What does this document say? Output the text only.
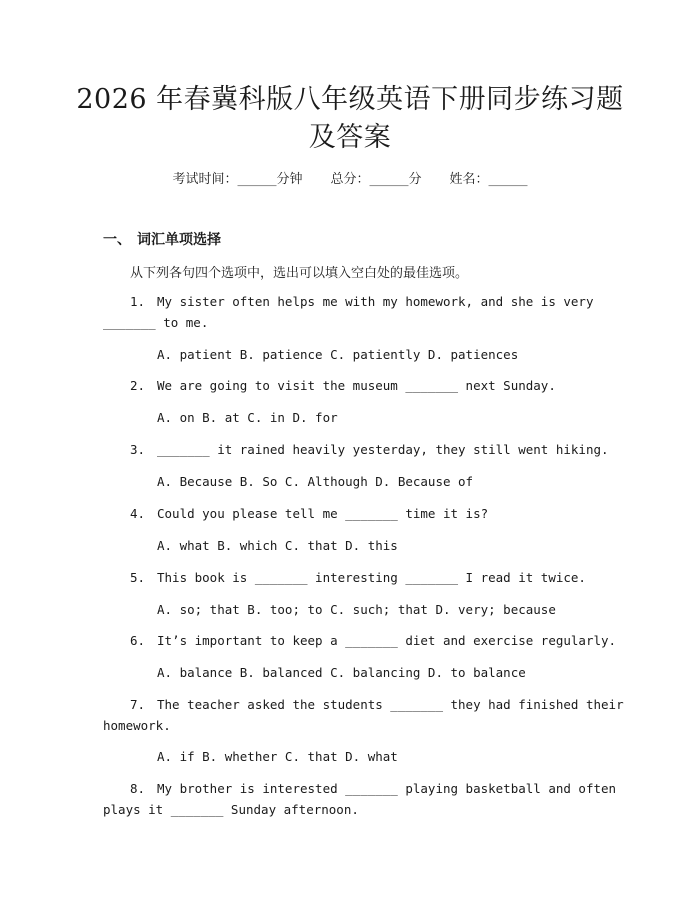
2026 年春冀科版八年级英语下册同步练习题
及答案
考试时间：______分钟 总分：______分 姓名：______
一、 词汇单项选择
从下列各句四个选项中，选出可以填入空白处的最佳选项。
1. My sister often helps me with my homework, and she is very
_______ to me.
A. patient B. patience C. patiently D. patiences
2. We are going to visit the museum _______ next Sunday.
A. on B. at C. in D. for
3. _______ it rained heavily yesterday, they still went hiking.
A. Because B. So C. Although D. Because of
4. Could you please tell me _______ time it is?
A. what B. which C. that D. this
5. This book is _______ interesting _______ I read it twice.
A. so; that B. too; to C. such; that D. very; because
6. It’s important to keep a _______ diet and exercise regularly.
A. balance B. balanced C. balancing D. to balance
7. The teacher asked the students _______ they had finished their
homework.
A. if B. whether C. that D. what
8. My brother is interested _______ playing basketball and often
plays it _______ Sunday afternoon.
